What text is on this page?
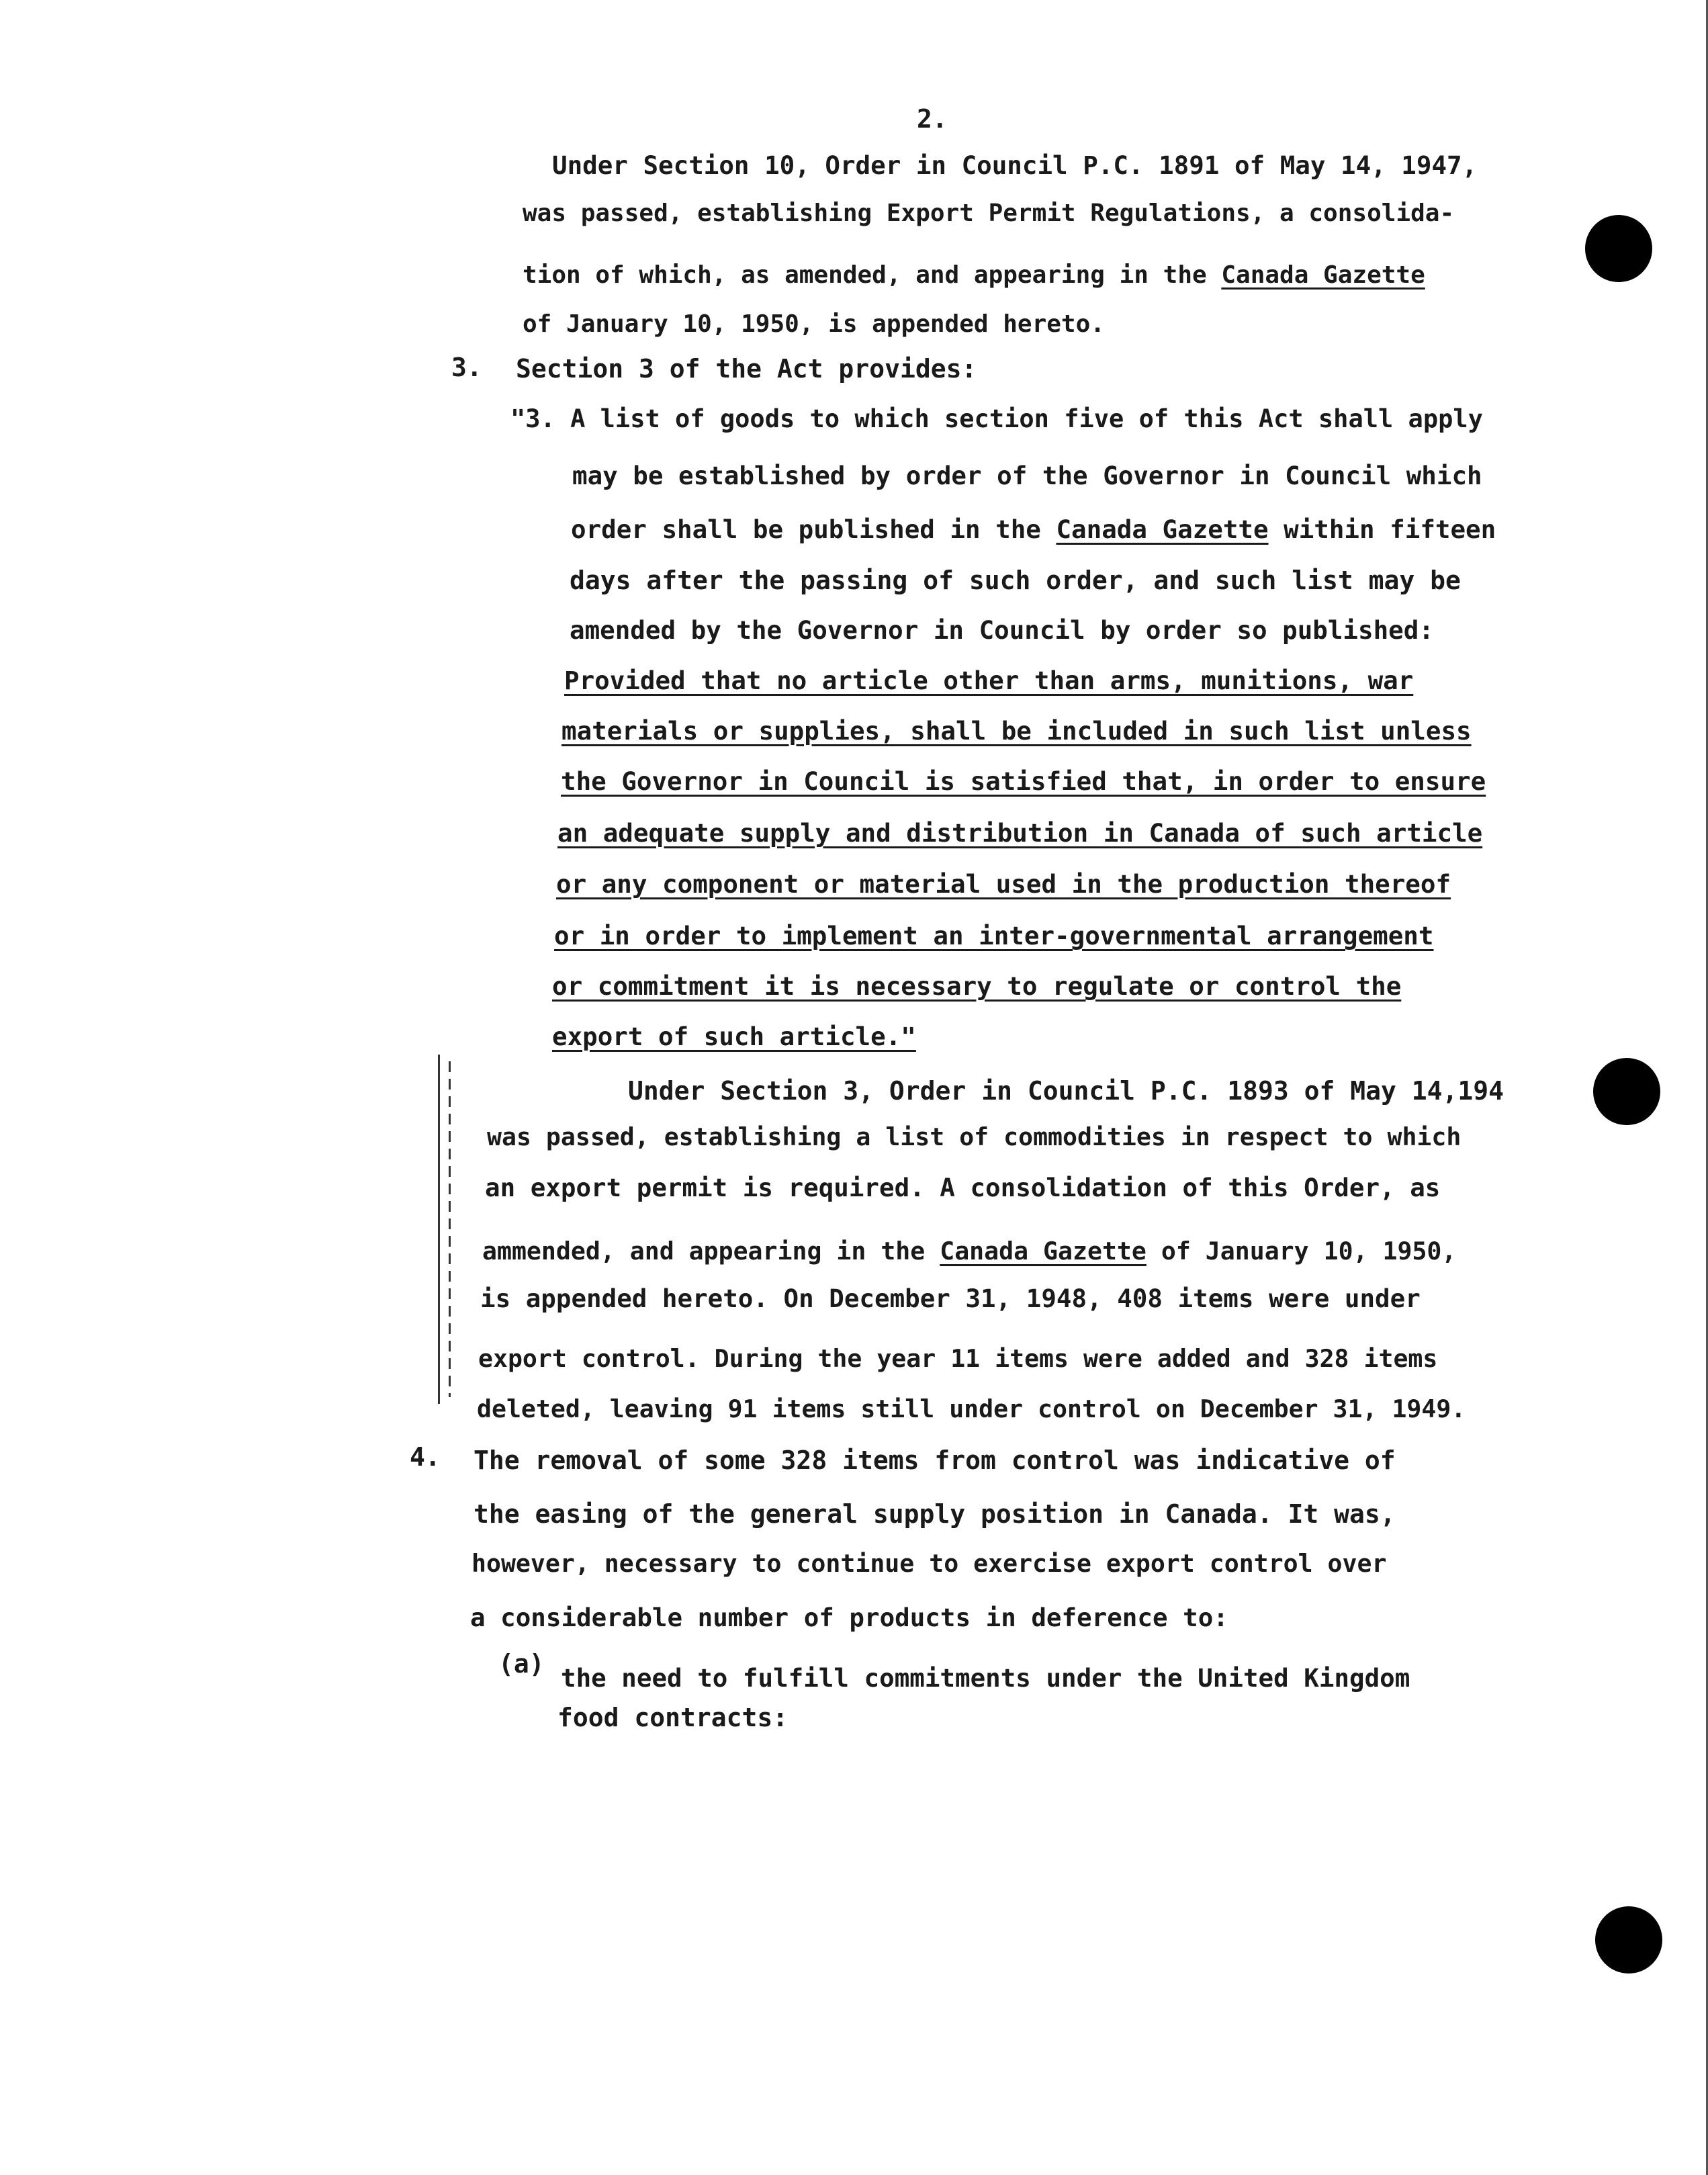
2.
Under Section 10, Order in Council P.C. 1891 of May 14, 1947,
was passed, establishing Export Permit Regulations, a consolida-
tion of which, as amended, and appearing in the Canada Gazette
of January 10, 1950, is appended hereto.
3. Section 3 of the Act provides:
"3. A list of goods to which section five of this Act shall apply
may be established by order of the Governor in Council which
order shall be published in the Canada Gazette within fifteen
days after the passing of such order, and such list may be
amended by the Governor in Council by order so published:
Provided that no article other than arms, munitions, war
materials or supplies, shall be included in such list unless
the Governor in Council is satisfied that, in order to ensure
an adequate supply and distribution in Canada of such article
or any component or material used in the production thereof
or in order to implement an inter-governmental arrangement
or commitment it is necessary to regulate or control the
export of such article."
Under Section 3, Order in Council P.C. 1893 of May 14,194
was passed, establishing a list of commodities in respect to which
an export permit is required. A consolidation of this Order, as
ammended, and appearing in the Canada Gazette of January 10, 1950,
is appended hereto. On December 31, 1948, 408 items were under
export control. During the year 11 items were added and 328 items
deleted, leaving 91 items still under control on December 31, 1949.
4. The removal of some 328 items from control was indicative of
the easing of the general supply position in Canada. It was,
however, necessary to continue to exercise export control over
a considerable number of products in deference to:
(a) the need to fulfill commitments under the United Kingdom
food contracts:
